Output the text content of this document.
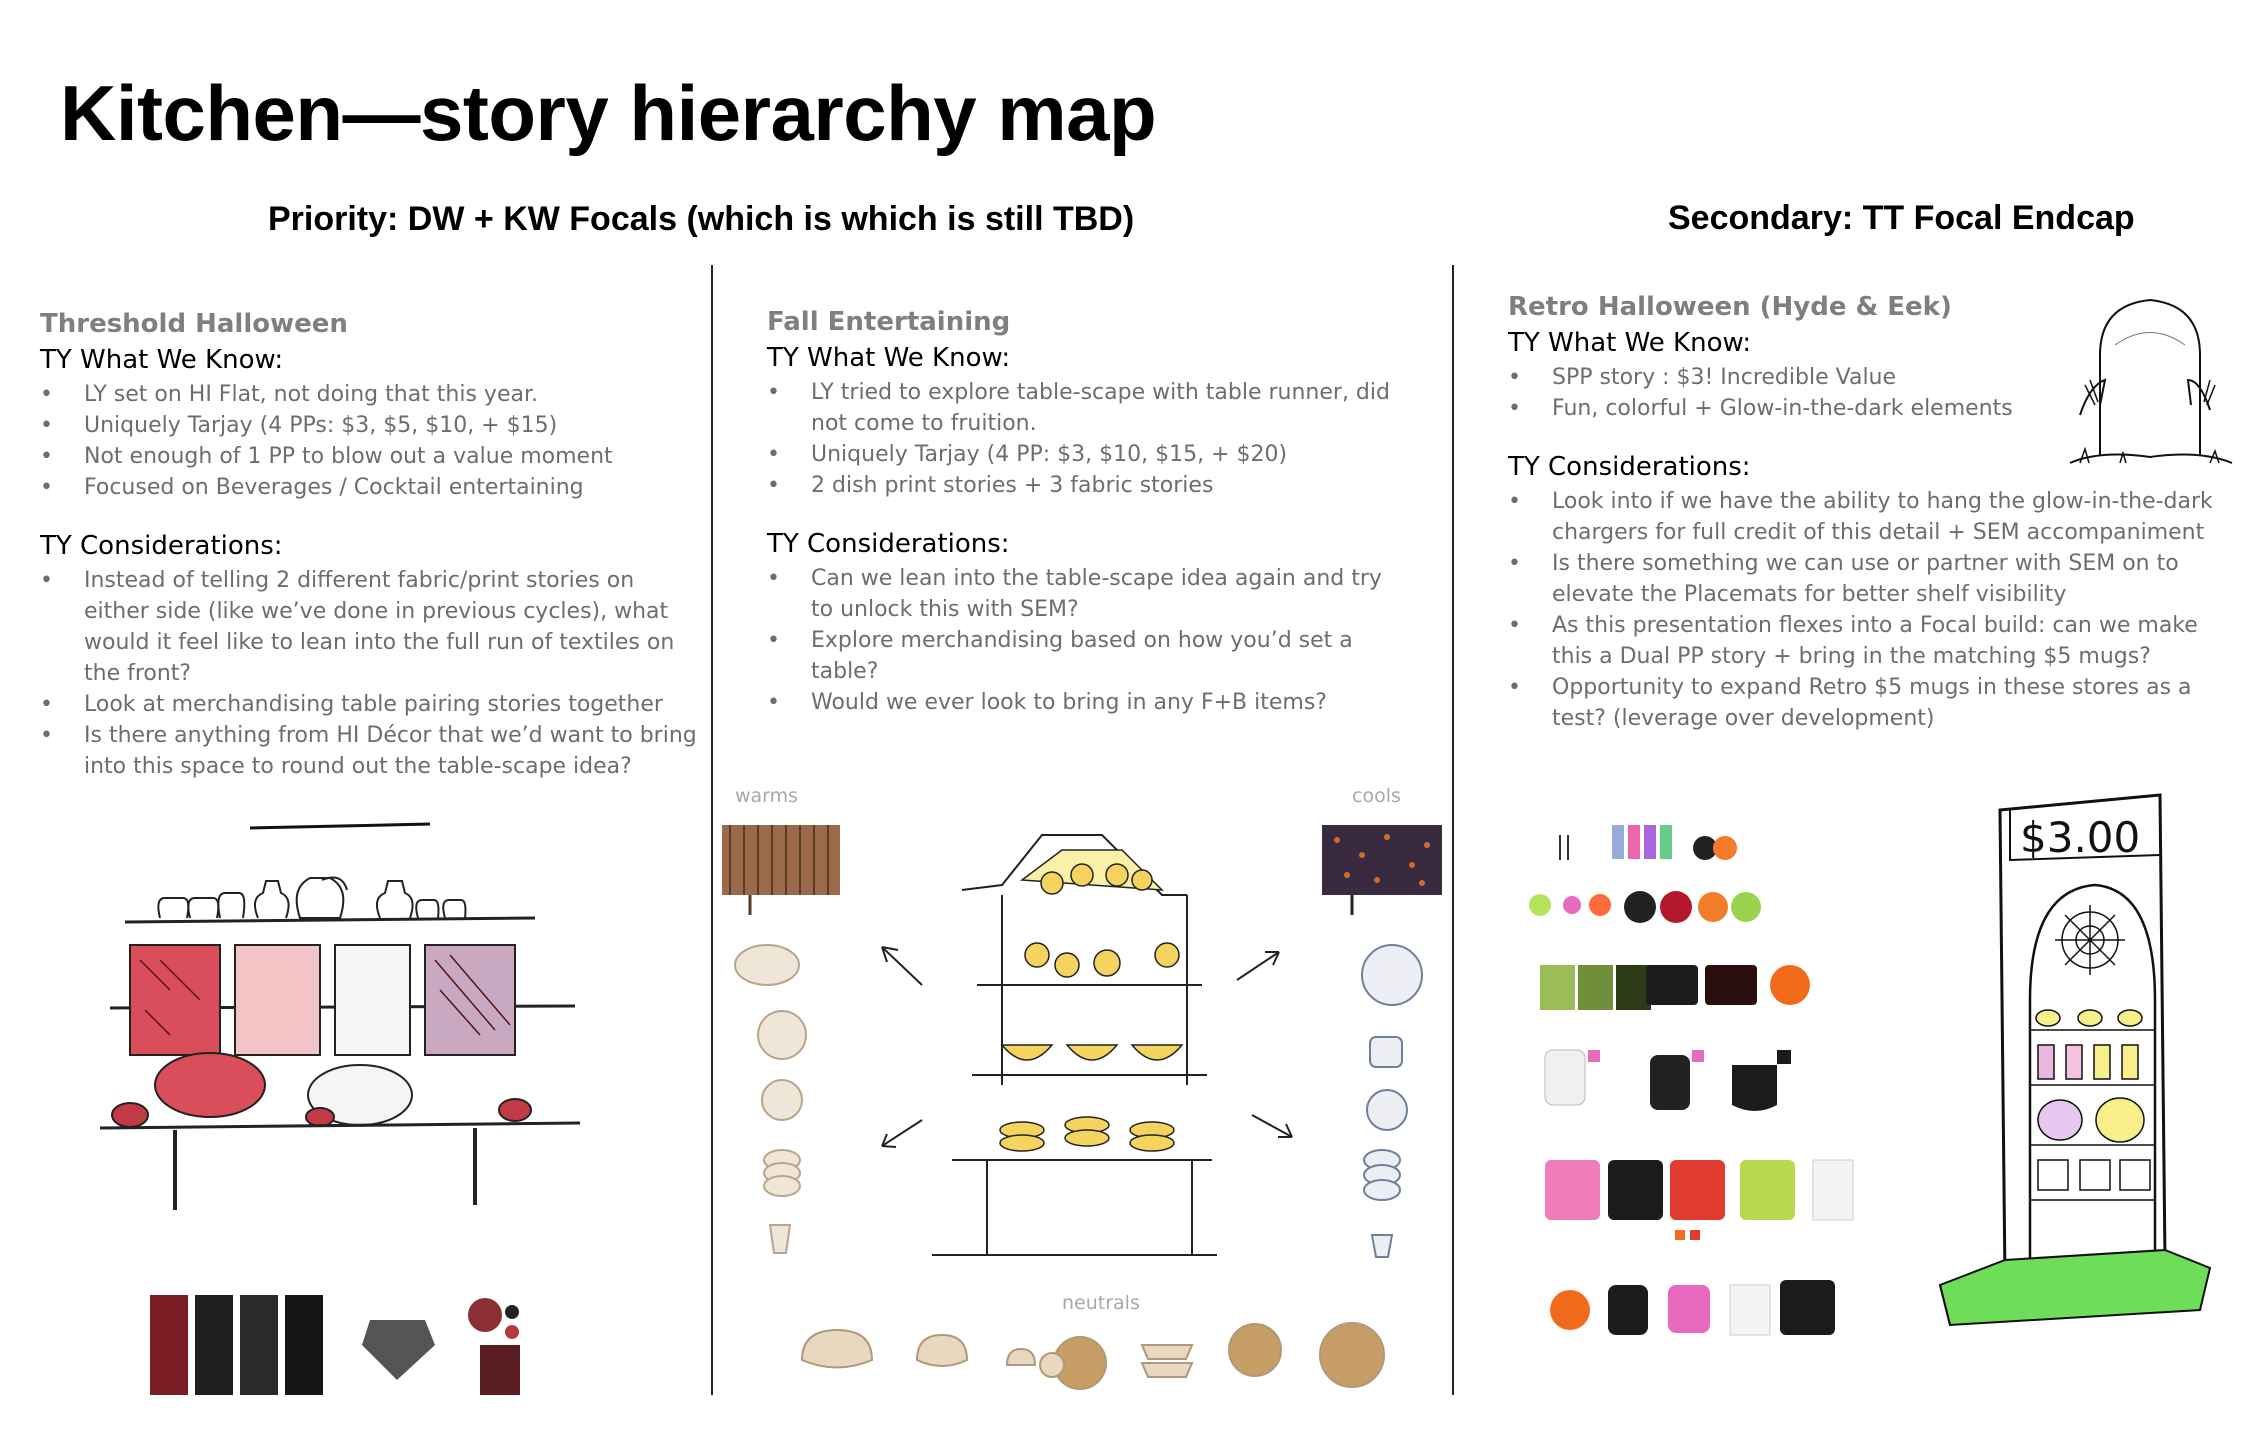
Kitchen—story hierarchy map
Priority: DW + KW Focals (which is which is still TBD)	Secondary: TT Focal Endcap
Threshold Halloween
TY What We Know:
• LY set on HI Flat, not doing that this year.
• Uniquely Tarjay (4 PPs: $3, $5, $10, + $15)
• Not enough of 1 PP to blow out a value moment
• Focused on Beverages / Cocktail entertaining
TY Considerations:
• Instead of telling 2 different fabric/print stories on either side (like we’ve done in previous cycles), what would it feel like to lean into the full run of textiles on the front?
• Look at merchandising table pairing stories together
• Is there anything from HI Décor that we’d want to bring into this space to round out the table-scape idea?
Fall Entertaining
TY What We Know:
• LY tried to explore table-scape with table runner, did not come to fruition.
• Uniquely Tarjay (4 PP: $3, $10, $15, + $20)
• 2 dish print stories + 3 fabric stories
TY Considerations:
• Can we lean into the table-scape idea again and try to unlock this with SEM?
• Explore merchandising based on how you’d set a table?
• Would we ever look to bring in any F+B items?
Retro Halloween (Hyde & Eek)
TY What We Know:
• SPP story : $3! Incredible Value
• Fun, colorful + Glow-in-the-dark elements
TY Considerations:
• Look into if we have the ability to hang the glow-in-the-dark chargers for full credit of this detail + SEM accompaniment
• Is there something we can use or partner with SEM on to elevate the Placemats for better shelf visibility
• As this presentation flexes into a Focal build: can we make this a Dual PP story + bring in the matching $5 mugs?
• Opportunity to expand Retro $5 mugs in these stores as a test? (leverage over development)
warms	cools
neutrals
$3.00
